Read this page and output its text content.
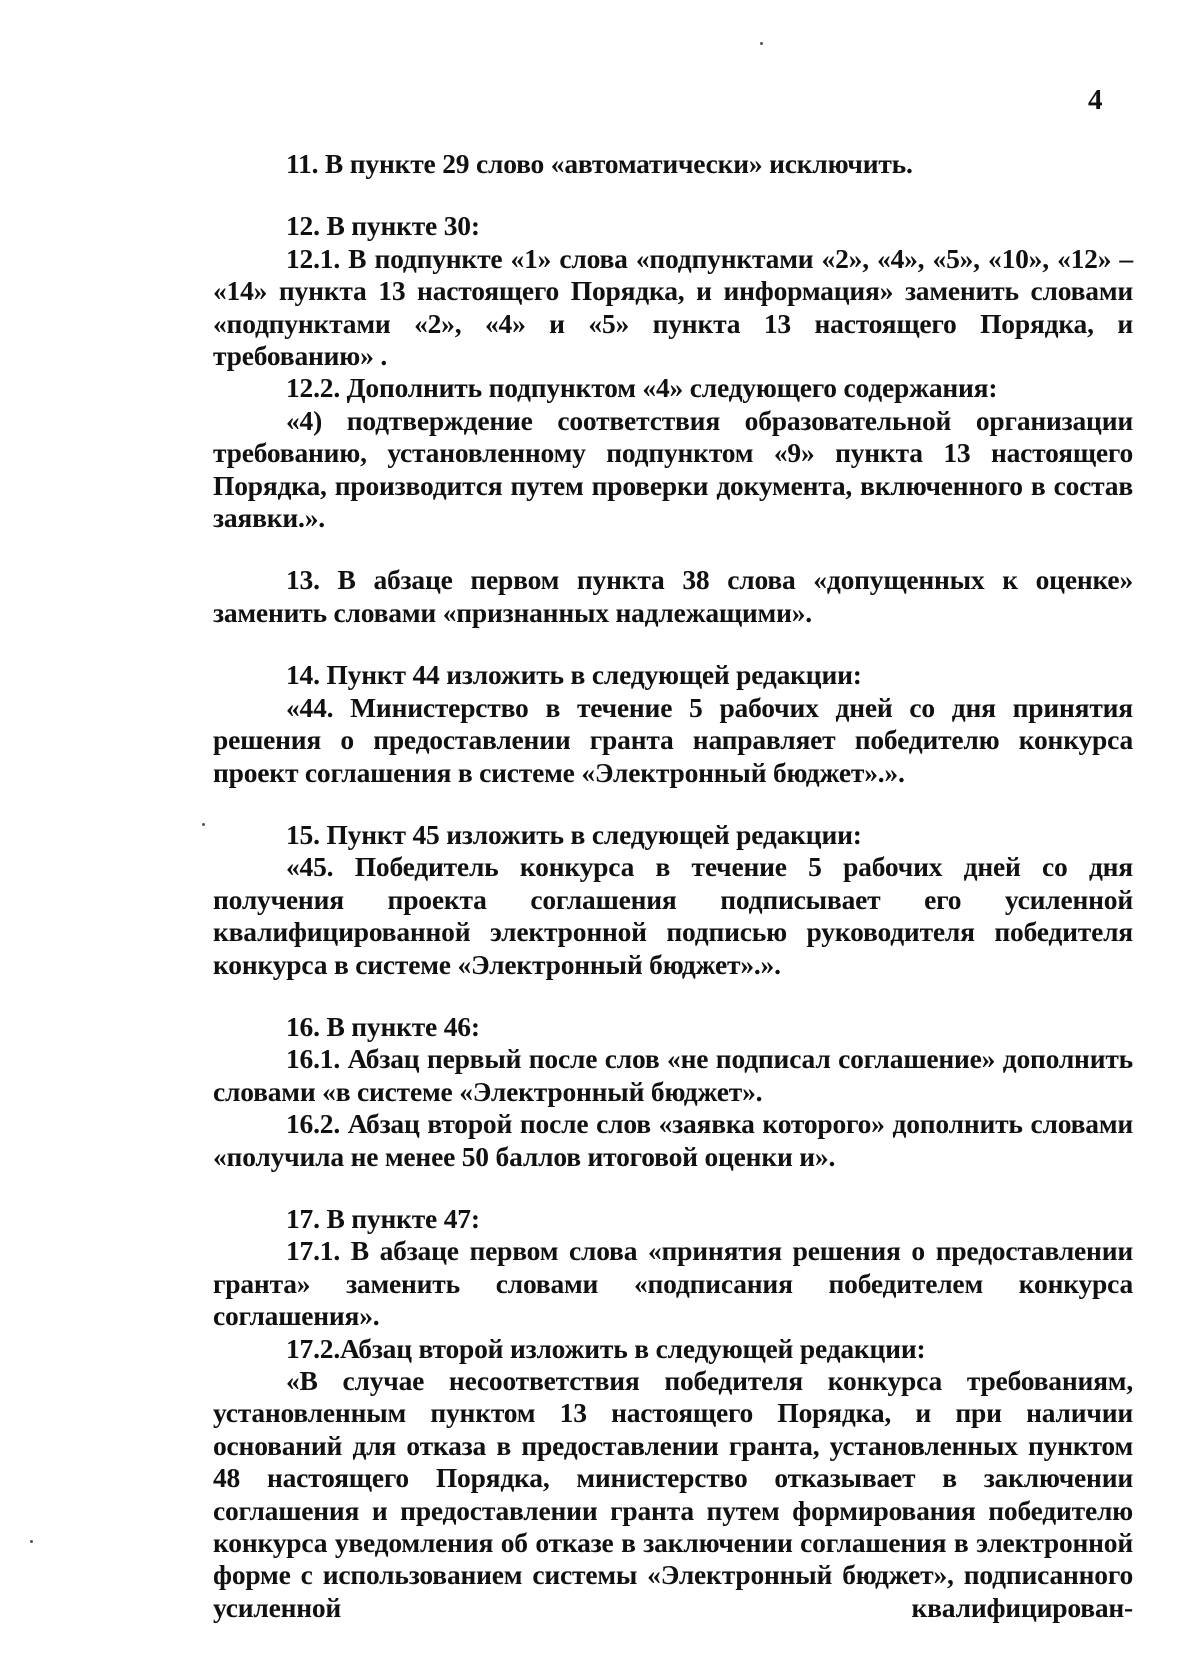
4

11. В пункте 29 слово «автоматически» исключить.

12. В пункте 30:

12.1. В подпункте «1» слова «подпунктами «2», «4», «5», «10», «12» – «14» пункта 13 настоящего Порядка, и информация» заменить словами «подпунктами «2», «4» и «5» пункта 13 настоящего Порядка, и требованию» .

12.2. Дополнить подпунктом «4» следующего содержания:

«4) подтверждение соответствия образовательной организации требованию, установленному подпунктом «9» пункта 13 настоящего Порядка, производится путем проверки документа, включенного в состав заявки.».

13. В абзаце первом пункта 38 слова «допущенных к оценке» заменить словами «признанных надлежащими».

14. Пункт 44 изложить в следующей редакции:

«44. Министерство в течение 5 рабочих дней со дня принятия решения о предоставлении гранта направляет победителю конкурса проект соглашения в системе «Электронный бюджет».».

15. Пункт 45 изложить в следующей редакции:

«45. Победитель конкурса в течение 5 рабочих дней со дня получения проекта соглашения подписывает его усиленной квалифицированной электронной подписью руководителя победителя конкурса в системе «Электронный бюджет».».

16. В пункте 46:

16.1. Абзац первый после слов «не подписал соглашение» дополнить словами «в системе «Электронный бюджет».

16.2. Абзац второй после слов «заявка которого» дополнить словами «получила не менее 50 баллов итоговой оценки и».

17. В пункте 47:

17.1. В абзаце первом слова «принятия решения о предоставлении гранта» заменить словами «подписания победителем конкурса соглашения».

17.2.Абзац второй изложить в следующей редакции:

«В случае несоответствия победителя конкурса требованиям, установленным пунктом 13 настоящего Порядка, и при наличии оснований для отказа в предоставлении гранта, установленных пунктом 48 настоящего Порядка, министерство отказывает в заключении соглашения и предоставлении гранта путем формирования победителю конкурса уведомления об отказе в заключении соглашения в электронной форме с использованием системы «Электронный бюджет», подписанного усиленной квалифицирован-
